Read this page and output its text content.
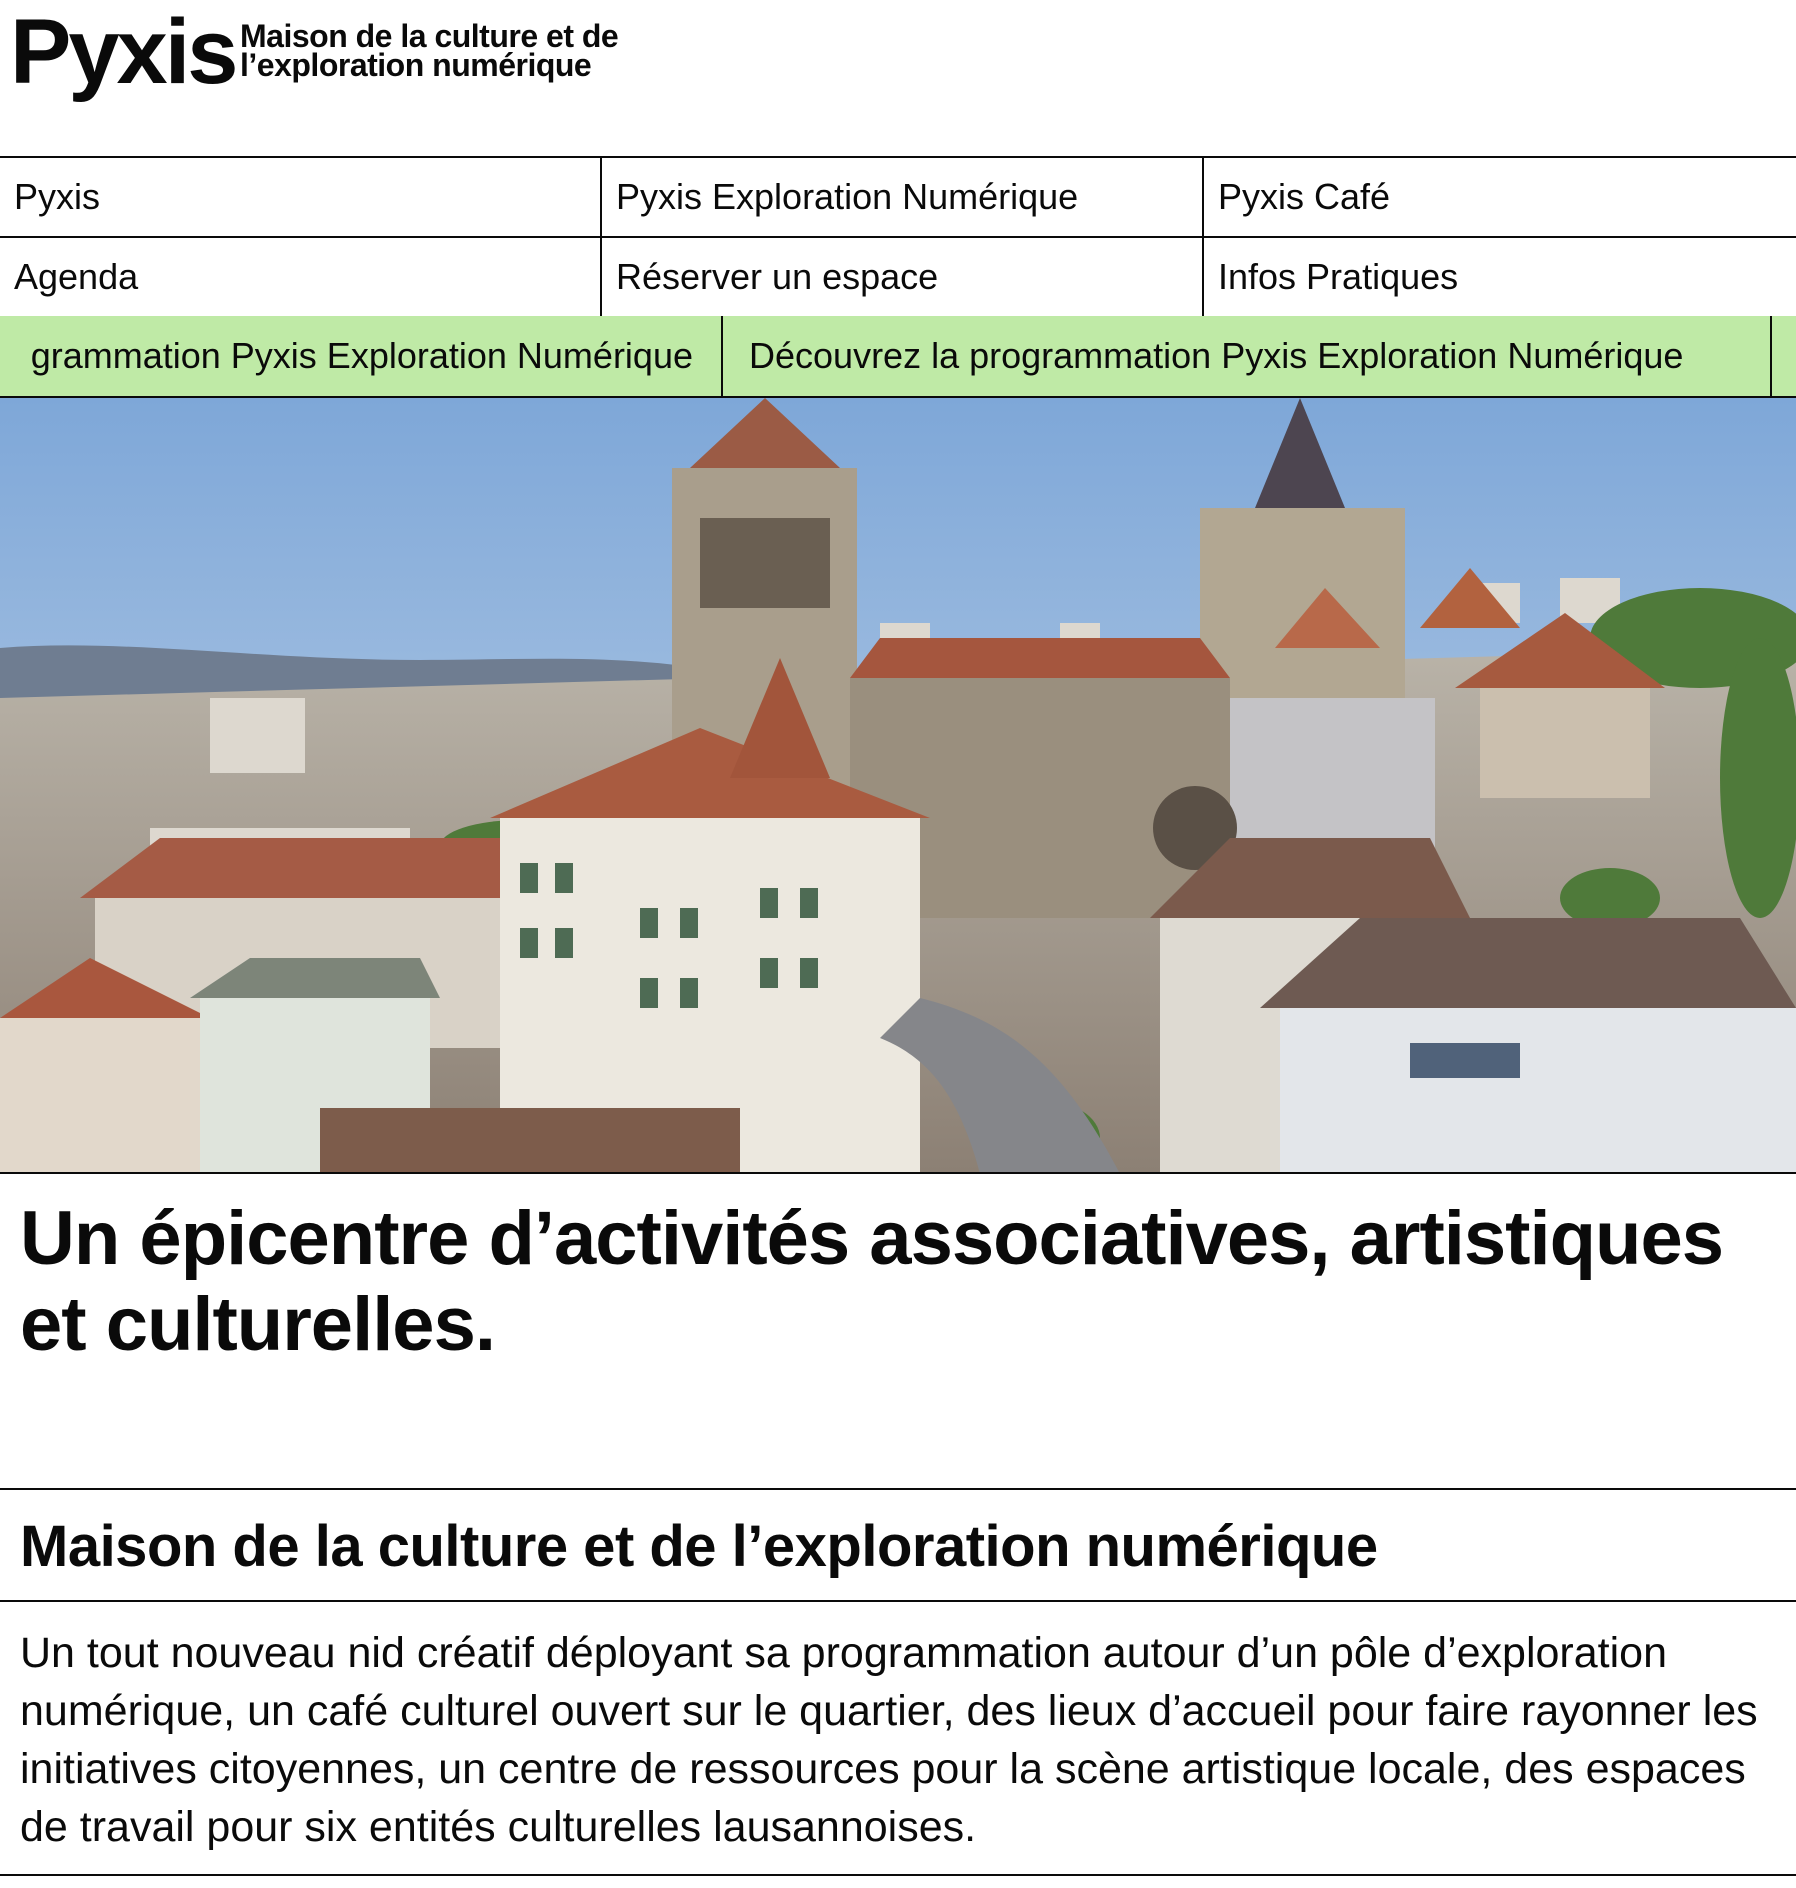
Pyxis Maison de la culture et de
l’exploration numérique
Pyxis	Pyxis Exploration Numérique	Pyxis Café
Agenda	Réserver un espace	Infos Pratiques
grammation Pyxis Exploration Numérique	Découvrez la programmation Pyxis Exploration Numérique
Un épicentre d’activités associatives, artistiques et culturelles.
Maison de la culture et de l’exploration numérique

Un tout nouveau nid créatif déployant sa programmation autour d’un pôle d’exploration numérique, un café culturel ouvert sur le quartier, des lieux d’accueil pour faire rayonner les initiatives citoyennes, un centre de ressources pour la scène artistique locale, des espaces de travail pour six entités culturelles lausannoises.
